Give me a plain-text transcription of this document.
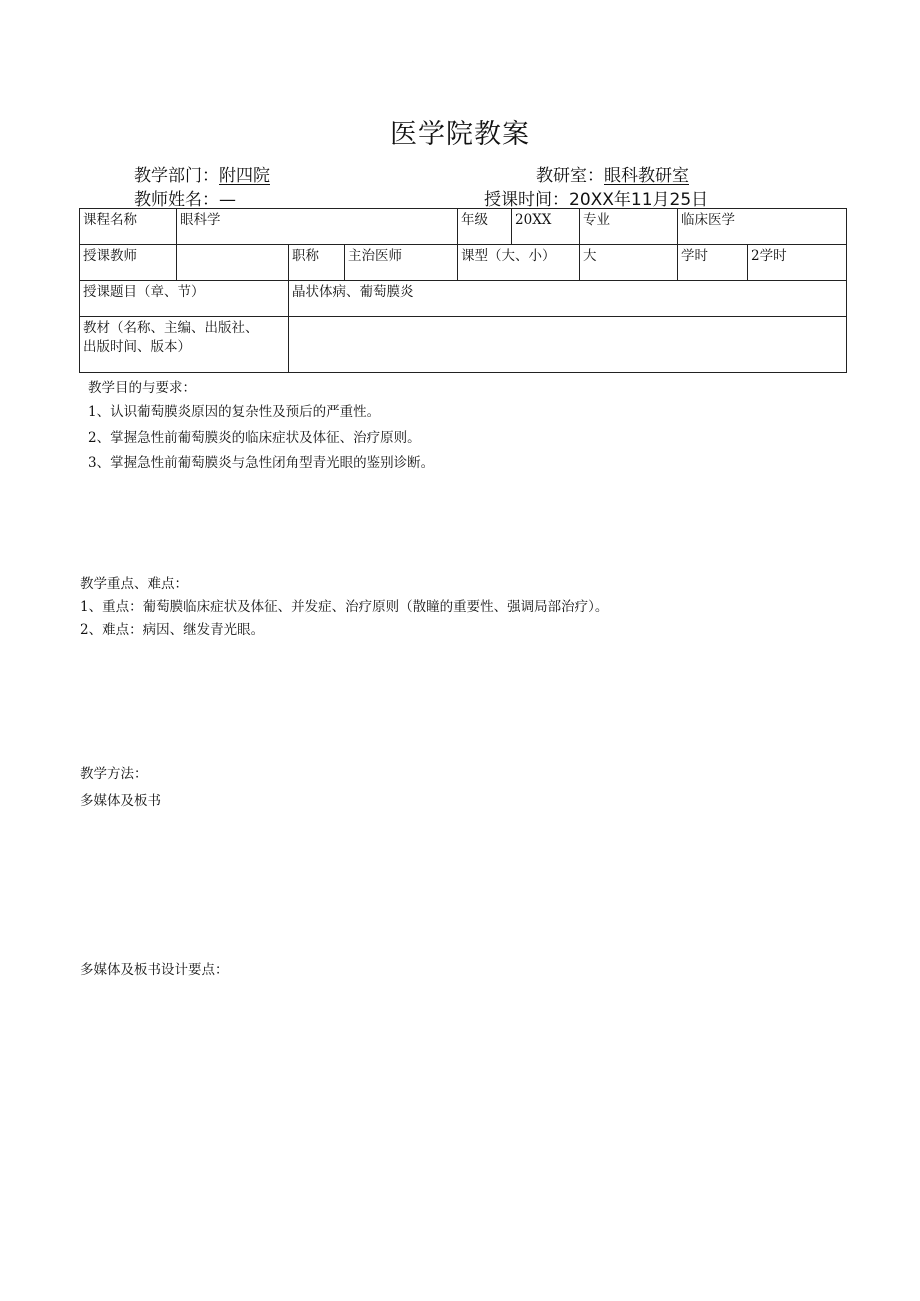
医学院教案
教学部门：附四院	教研室：眼科教研室
教师姓名：—	授课时间：20XX年11月25日
课程名称	眼科学			年级	20XX	专业	临床医学	
授课教师		职称	主治医师	课型（大、小）		大	学时	2学时
授课题目（章、节）		晶状体病、葡萄膜炎						

教材（名称、主编、出版社、
出版时间、版本）								

教学目的与要求：
1、认识葡萄膜炎原因的复杂性及预后的严重性。
2、掌握急性前葡萄膜炎的临床症状及体征、治疗原则。
3、掌握急性前葡萄膜炎与急性闭角型青光眼的鉴别诊断。
教学重点、难点：
1、重点：葡萄膜临床症状及体征、并发症、治疗原则（散瞳的重要性、强调局部治疗）。
2、难点：病因、继发青光眼。
教学方法：
多媒体及板书
多媒体及板书设计要点：
